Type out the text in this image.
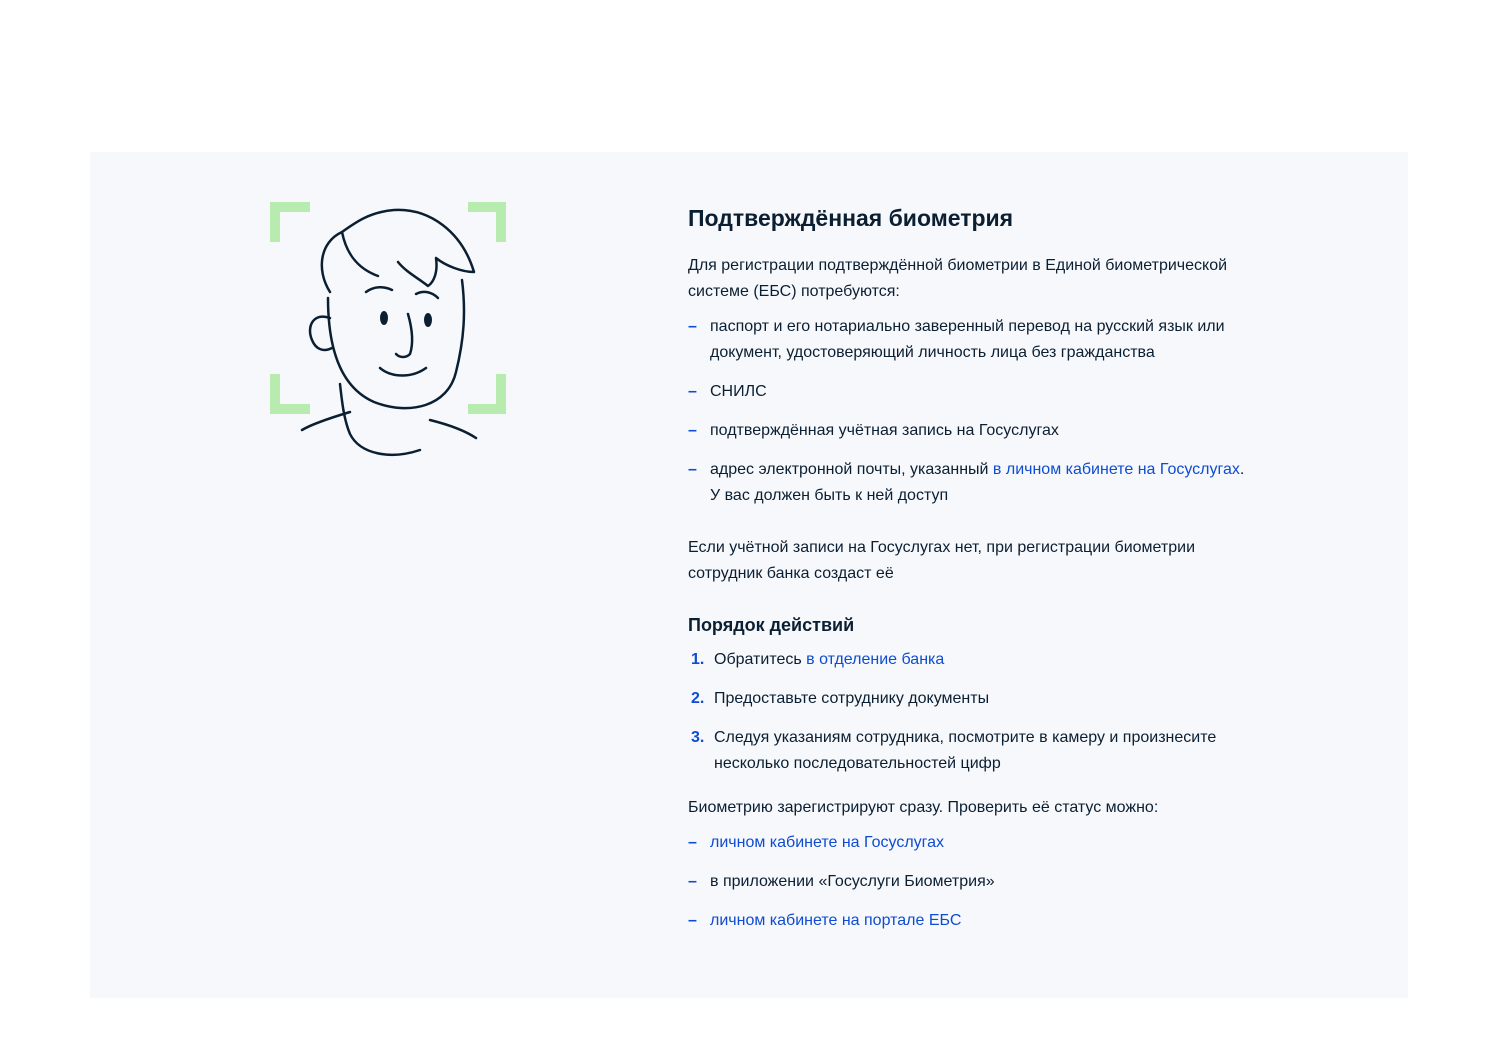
Подтверждённая биометрия

Для регистрации подтверждённой биометрии в Единой биометрической системе (ЕБС) потребуются:

– паспорт и его нотариально заверенный перевод на русский язык или документ, удостоверяющий личность лица без гражданства
– СНИЛС
– подтверждённая учётная запись на Госуслугах
– адрес электронной почты, указанный в личном кабинете на Госуслугах. У вас должен быть к ней доступ

Если учётной записи на Госуслугах нет, при регистрации биометрии сотрудник банка создаст её

Порядок действий
1. Обратитесь в отделение банка
2. Предоставьте сотруднику документы
3. Следуя указаниям сотрудника, посмотрите в камеру и произнесите несколько последовательностей цифр

Биометрию зарегистрируют сразу. Проверить её статус можно:

– личном кабинете на Госуслугах
– в приложении «Госуслуги Биометрия»
– личном кабинете на портале ЕБС
